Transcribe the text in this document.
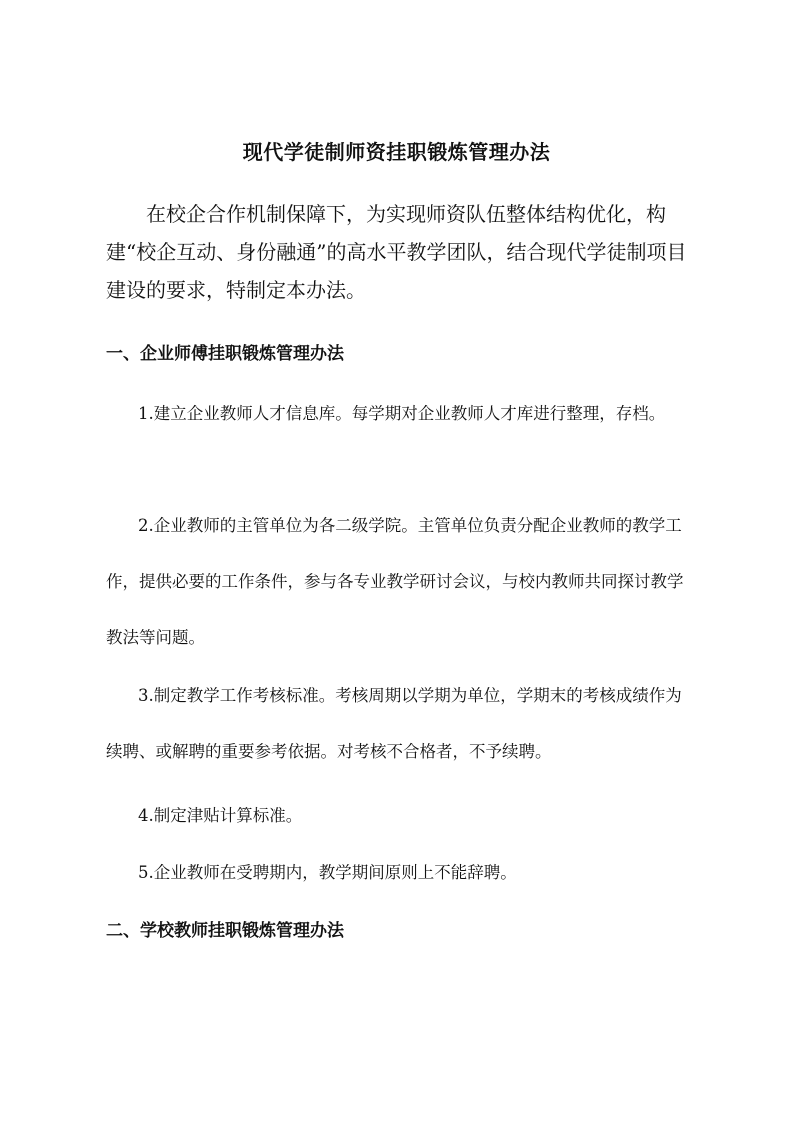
现代学徒制师资挂职锻炼管理办法

在校企合作机制保障下，为实现师资队伍整体结构优化，构建“校企互动、身份融通”的高水平教学团队，结合现代学徒制项目建设的要求，特制定本办法。

一、企业师傅挂职锻炼管理办法

1.建立企业教师人才信息库。每学期对企业教师人才库进行整理，存档。

2.企业教师的主管单位为各二级学院。主管单位负责分配企业教师的教学工作，提供必要的工作条件，参与各专业教学研讨会议，与校内教师共同探讨教学教法等问题。

3.制定教学工作考核标准。考核周期以学期为单位，学期末的考核成绩作为续聘、或解聘的重要参考依据。对考核不合格者，不予续聘。

4.制定津贴计算标准。

5.企业教师在受聘期内，教学期间原则上不能辞聘。

二、学校教师挂职锻炼管理办法
